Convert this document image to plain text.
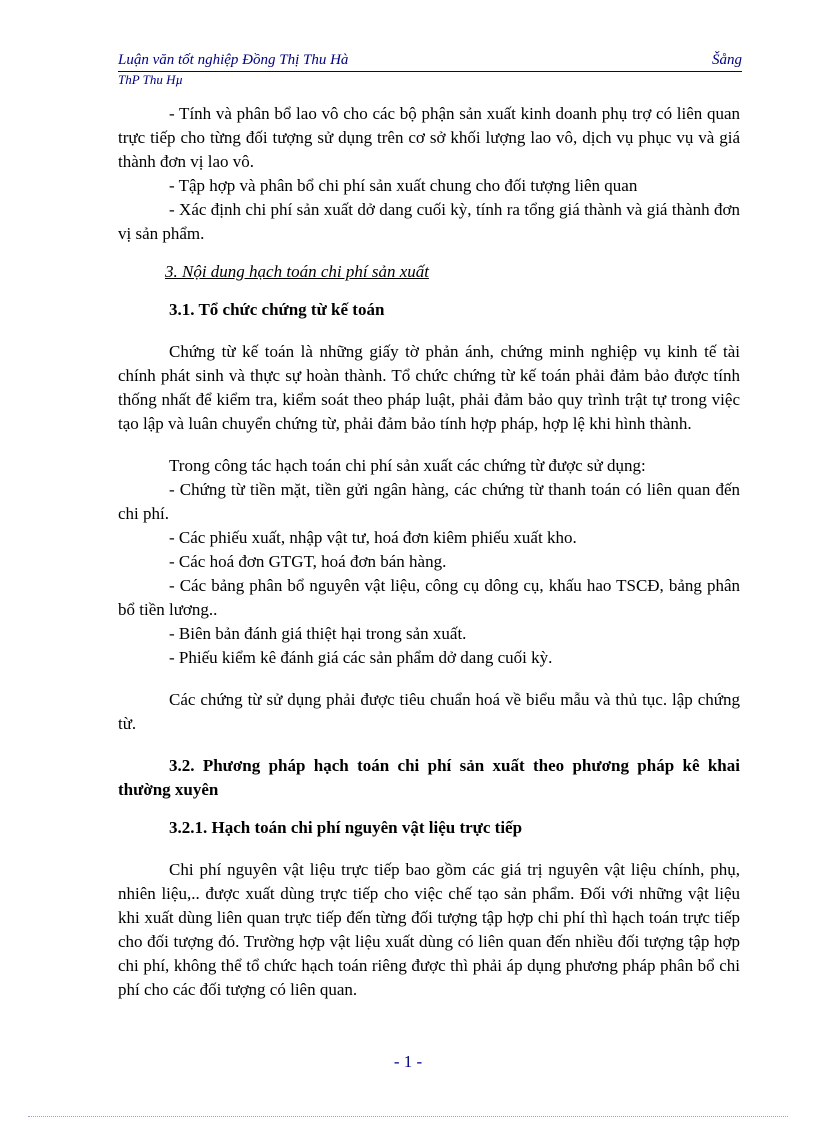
Luận văn tốt nghiệp Đồng Thị Thu Hà	Šång
ThP Thu Hµ

- Tính và phân bổ lao vô cho các bộ phận sản xuất kinh doanh phụ trợ có liên quan trực tiếp cho từng đối tượng sử dụng trên cơ sở khối lượng lao vô, dịch vụ phục vụ và giá thành đơn vị lao vô.

- Tập hợp và phân bổ chi phí sản xuất chung cho đối tượng liên quan

- Xác định chi phí sản xuất dở dang cuối kỳ, tính ra tổng giá thành và giá thành đơn vị sản phẩm.

3. Nội dung hạch toán chi phí sản xuất

3.1. Tổ chức chứng từ kế toán

Chứng từ kế toán là những giấy tờ phản ánh, chứng minh nghiệp vụ kinh tế tài chính phát sinh và thực sự hoàn thành. Tổ chức chứng từ kế toán phải đảm bảo được tính thống nhất để kiểm tra, kiểm soát theo pháp luật, phải đảm bảo quy trình trật tự trong việc tạo lập và luân chuyển chứng từ, phải đảm bảo tính hợp pháp, hợp lệ khi hình thành.

Trong công tác hạch toán chi phí sản xuất các chứng từ được sử dụng:

- Chứng từ tiền mặt, tiền gửi ngân hàng, các chứng từ thanh toán có liên quan đến chi phí.

- Các phiếu xuất, nhập vật tư, hoá đơn kiêm phiếu xuất kho.

- Các hoá đơn GTGT, hoá đơn bán hàng.

- Các bảng phân bổ nguyên vật liệu, công cụ dông cụ, khấu hao TSCĐ, bảng phân bổ tiền lương..

- Biên bản đánh giá thiệt hại trong sản xuất.

- Phiếu kiểm kê đánh giá các sản phẩm dở dang cuối kỳ.

Các chứng từ sử dụng phải được tiêu chuẩn hoá về biểu mẫu và thủ tục. lập chứng từ.

3.2. Phương pháp hạch toán chi phí sản xuất theo phương pháp kê khai thường xuyên

3.2.1. Hạch toán chi phí nguyên vật liệu trực tiếp

Chi phí nguyên vật liệu trực tiếp bao gồm các giá trị nguyên vật liệu chính, phụ, nhiên liệu,.. được xuất dùng trực tiếp cho việc chế tạo sản phẩm. Đối với những vật liệu khi xuất dùng liên quan trực tiếp đến từng đối tượng tập hợp chi phí thì hạch toán trực tiếp cho đối tượng đó. Trường hợp vật liệu xuất dùng có liên quan đến nhiều đối tượng tập hợp chi phí, không thể tổ chức hạch toán riêng được thì phải áp dụng phương pháp phân bổ chi phí cho các đối tượng có liên quan.

- 1 -
